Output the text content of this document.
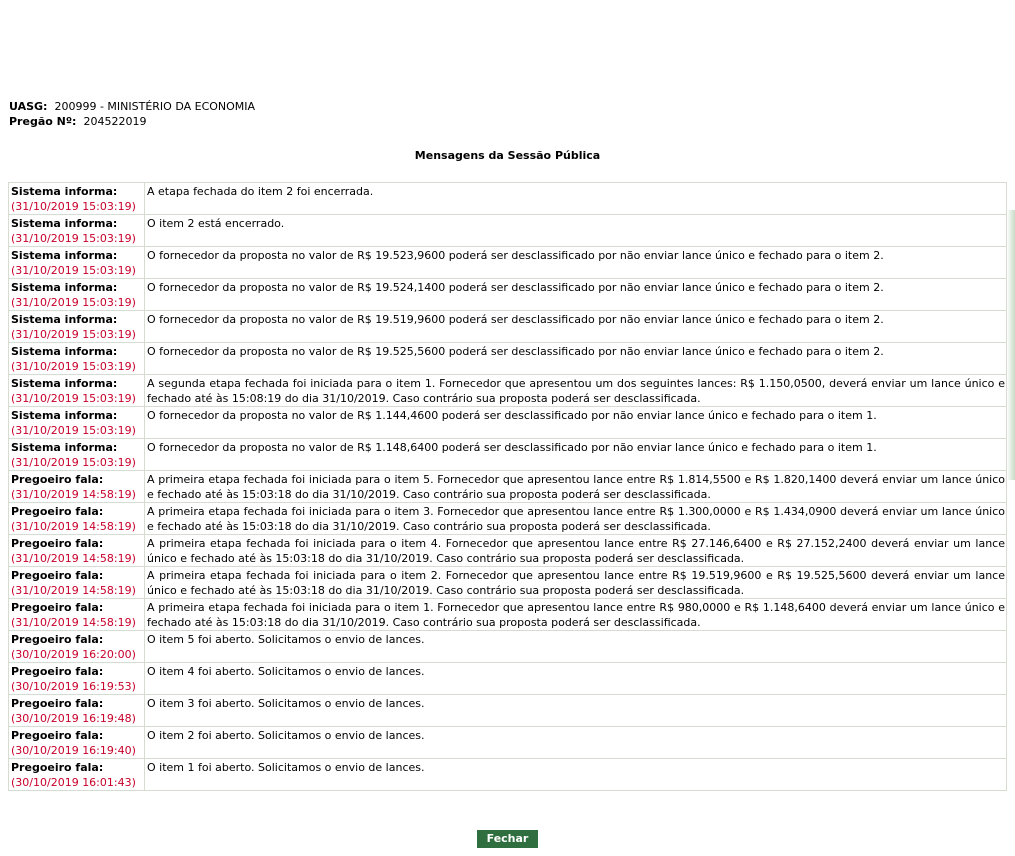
UASG: 200999 - MINISTÉRIO DA ECONOMIA
Pregão Nº: 204522019
Mensagens da Sessão Pública
Sistema informa:
(31/10/2019 15:03:19)	A etapa fechada do item 2 foi encerrada.

Sistema informa:
(31/10/2019 15:03:19)	O item 2 está encerrado.

Sistema informa:
(31/10/2019 15:03:19)	O fornecedor da proposta no valor de R$ 19.523,9600 poderá ser desclassificado por não enviar lance único e fechado para o item 2.

Sistema informa:
(31/10/2019 15:03:19)	O fornecedor da proposta no valor de R$ 19.524,1400 poderá ser desclassificado por não enviar lance único e fechado para o item 2.

Sistema informa:
(31/10/2019 15:03:19)	O fornecedor da proposta no valor de R$ 19.519,9600 poderá ser desclassificado por não enviar lance único e fechado para o item 2.

Sistema informa:
(31/10/2019 15:03:19)	O fornecedor da proposta no valor de R$ 19.525,5600 poderá ser desclassificado por não enviar lance único e fechado para o item 2.

Sistema informa:
(31/10/2019 15:03:19)	A segunda etapa fechada foi iniciada para o item 1. Fornecedor que apresentou um dos seguintes lances: R$ 1.150,0500, deverá enviar um lance único e fechado até às 15:08:19 do dia 31/10/2019. Caso contrário sua proposta poderá ser desclassificada.

Sistema informa:
(31/10/2019 15:03:19)	O fornecedor da proposta no valor de R$ 1.144,4600 poderá ser desclassificado por não enviar lance único e fechado para o item 1.

Sistema informa:
(31/10/2019 15:03:19)	O fornecedor da proposta no valor de R$ 1.148,6400 poderá ser desclassificado por não enviar lance único e fechado para o item 1.

Pregoeiro fala:
(31/10/2019 14:58:19)	A primeira etapa fechada foi iniciada para o item 5. Fornecedor que apresentou lance entre R$ 1.814,5500 e R$ 1.820,1400 deverá enviar um lance único e fechado até às 15:03:18 do dia 31/10/2019. Caso contrário sua proposta poderá ser desclassificada.

Pregoeiro fala:
(31/10/2019 14:58:19)	A primeira etapa fechada foi iniciada para o item 3. Fornecedor que apresentou lance entre R$ 1.300,0000 e R$ 1.434,0900 deverá enviar um lance único e fechado até às 15:03:18 do dia 31/10/2019. Caso contrário sua proposta poderá ser desclassificada.

Pregoeiro fala:
(31/10/2019 14:58:19)	A primeira etapa fechada foi iniciada para o item 4. Fornecedor que apresentou lance entre R$ 27.146,6400 e R$ 27.152,2400 deverá enviar um lance único e fechado até às 15:03:18 do dia 31/10/2019. Caso contrário sua proposta poderá ser desclassificada.

Pregoeiro fala:
(31/10/2019 14:58:19)	A primeira etapa fechada foi iniciada para o item 2. Fornecedor que apresentou lance entre R$ 19.519,9600 e R$ 19.525,5600 deverá enviar um lance único e fechado até às 15:03:18 do dia 31/10/2019. Caso contrário sua proposta poderá ser desclassificada.

Pregoeiro fala:
(31/10/2019 14:58:19)	A primeira etapa fechada foi iniciada para o item 1. Fornecedor que apresentou lance entre R$ 980,0000 e R$ 1.148,6400 deverá enviar um lance único e fechado até às 15:03:18 do dia 31/10/2019. Caso contrário sua proposta poderá ser desclassificada.

Pregoeiro fala:
(30/10/2019 16:20:00)	O item 5 foi aberto. Solicitamos o envio de lances.

Pregoeiro fala:
(30/10/2019 16:19:53)	O item 4 foi aberto. Solicitamos o envio de lances.

Pregoeiro fala:
(30/10/2019 16:19:48)	O item 3 foi aberto. Solicitamos o envio de lances.

Pregoeiro fala:
(30/10/2019 16:19:40)	O item 2 foi aberto. Solicitamos o envio de lances.

Pregoeiro fala:
(30/10/2019 16:01:43)	O item 1 foi aberto. Solicitamos o envio de lances.
Fechar
